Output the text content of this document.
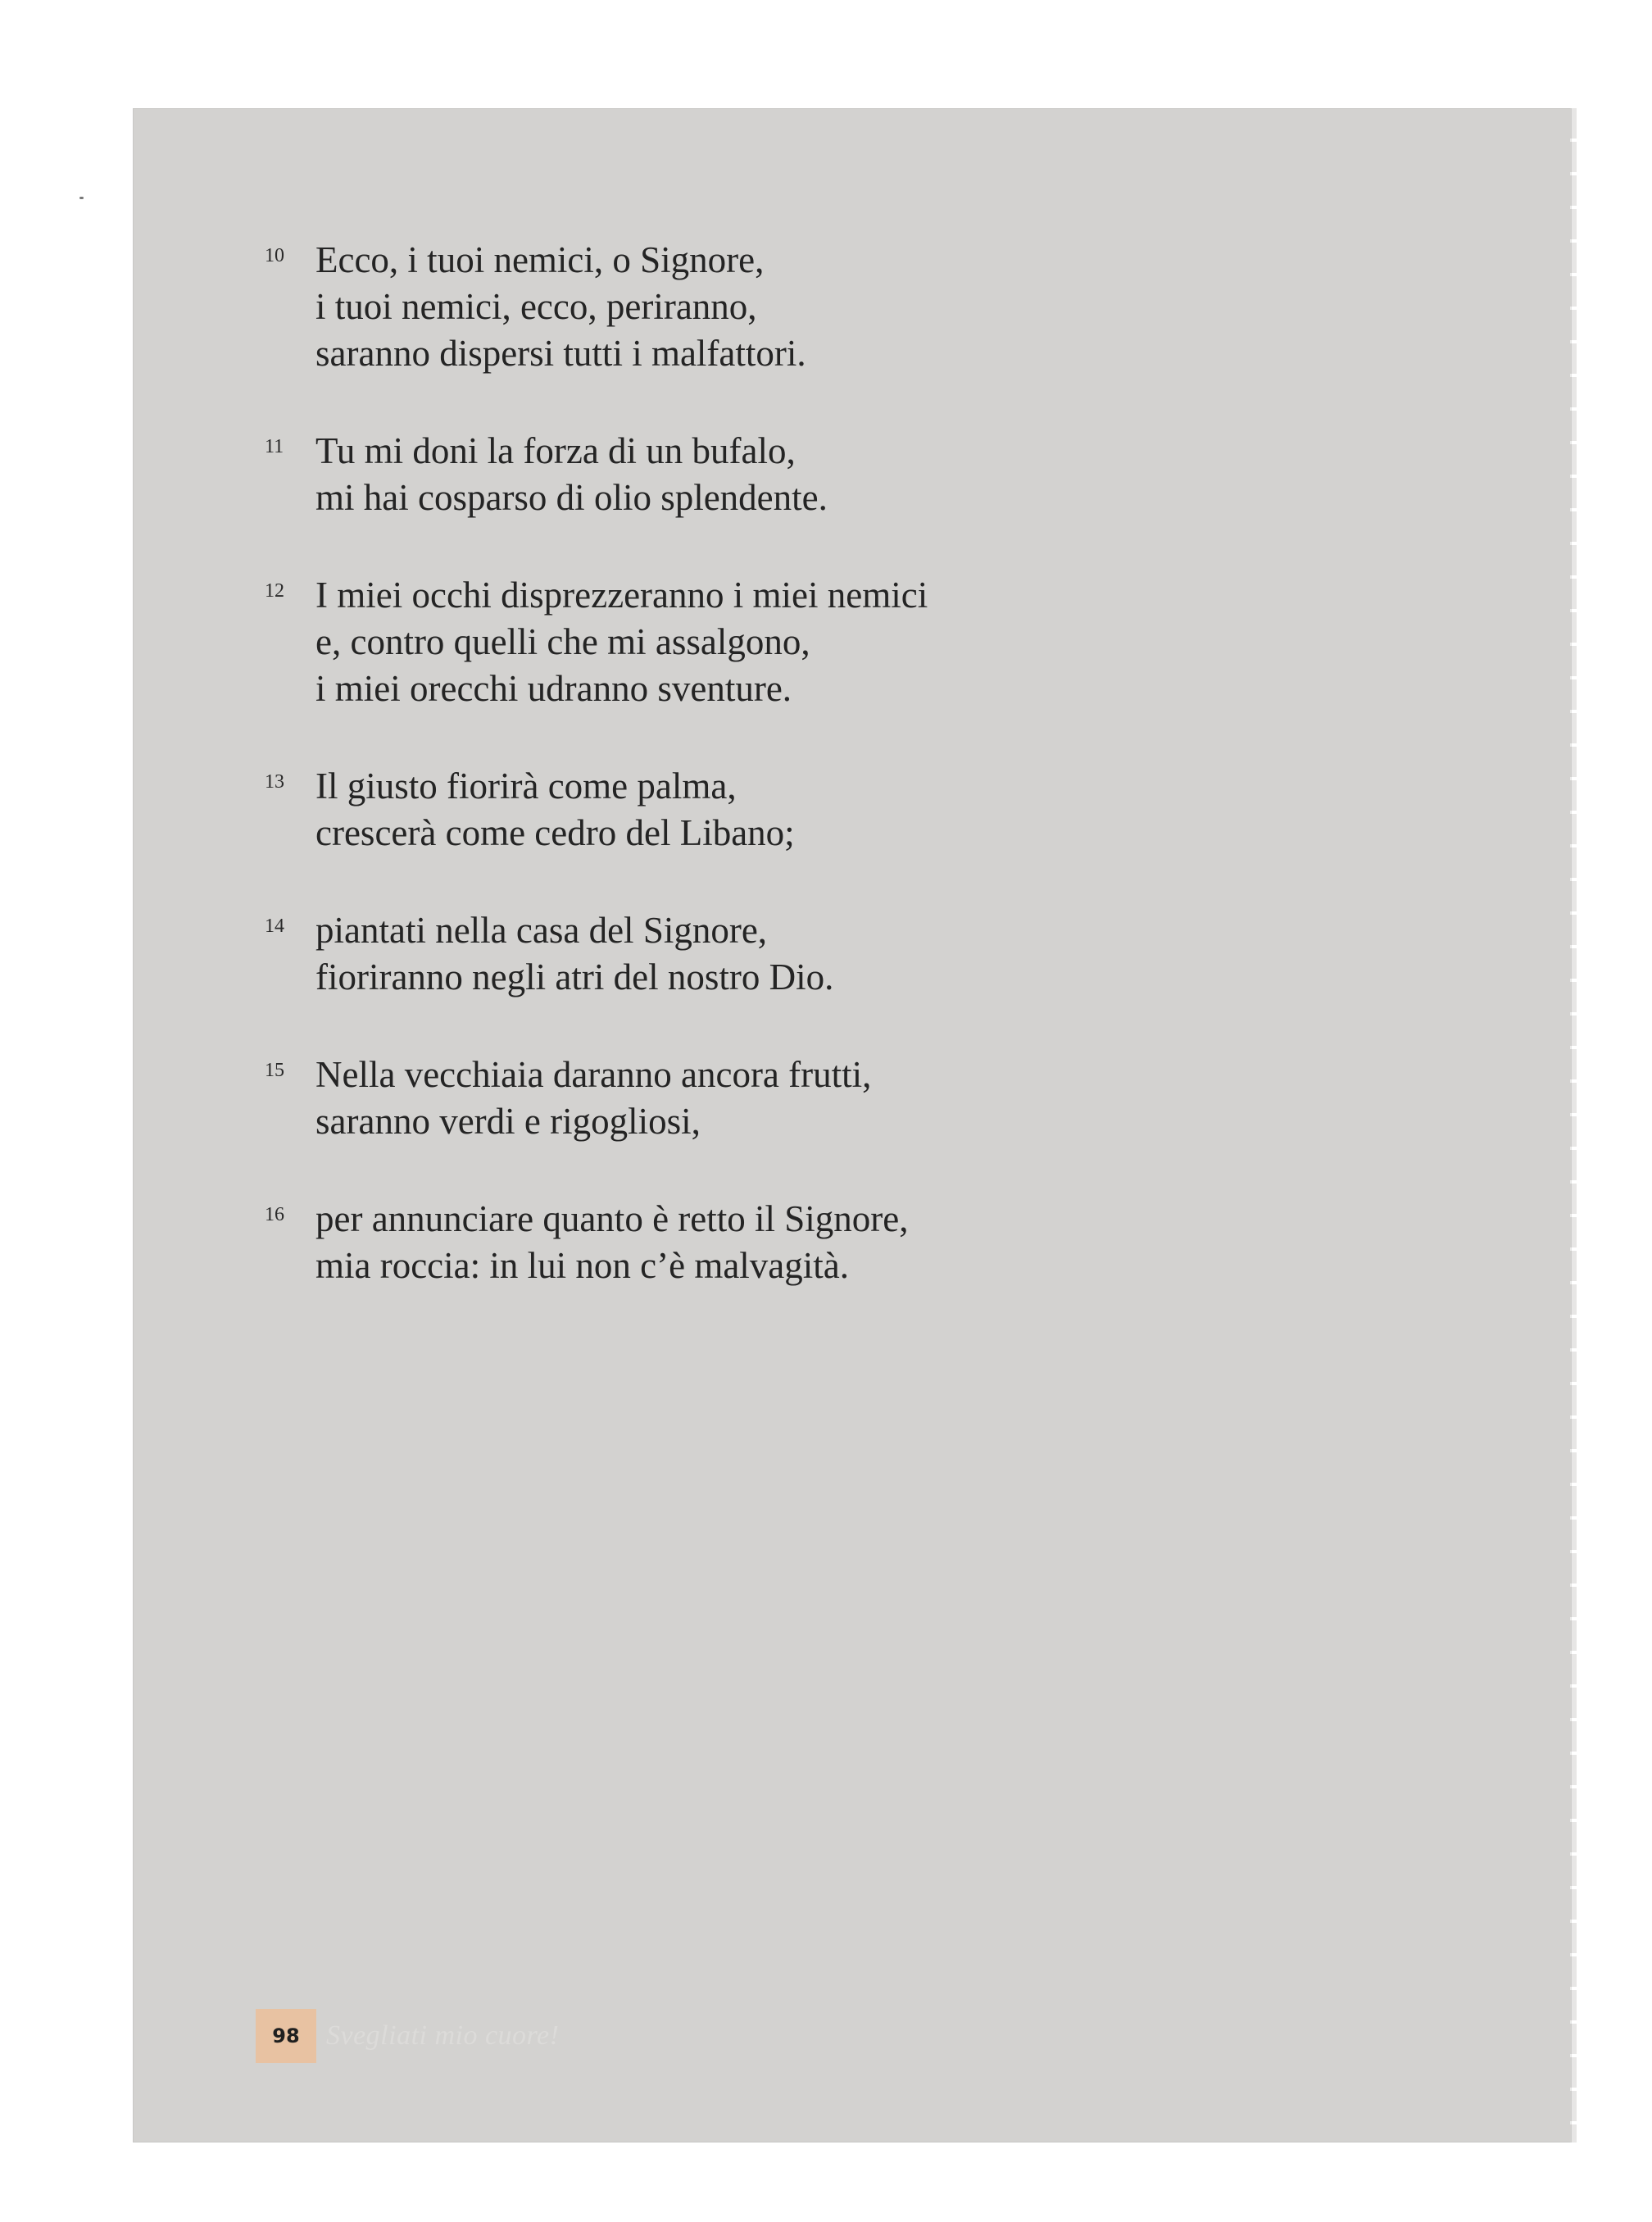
10 Ecco, i tuoi nemici, o Signore,
i tuoi nemici, ecco, periranno,
saranno dispersi tutti i malfattori.
11 Tu mi doni la forza di un bufalo,
mi hai cosparso di olio splendente.
12 I miei occhi disprezzeranno i miei nemici
e, contro quelli che mi assalgono,
i miei orecchi udranno sventure.
13 Il giusto fiorirà come palma,
crescerà come cedro del Libano;
14 piantati nella casa del Signore,
fioriranno negli atri del nostro Dio.
15 Nella vecchiaia daranno ancora frutti,
saranno verdi e rigogliosi,
16 per annunciare quanto è retto il Signore,
mia roccia: in lui non c’è malvagità.
98 Svegliati mio cuore!
